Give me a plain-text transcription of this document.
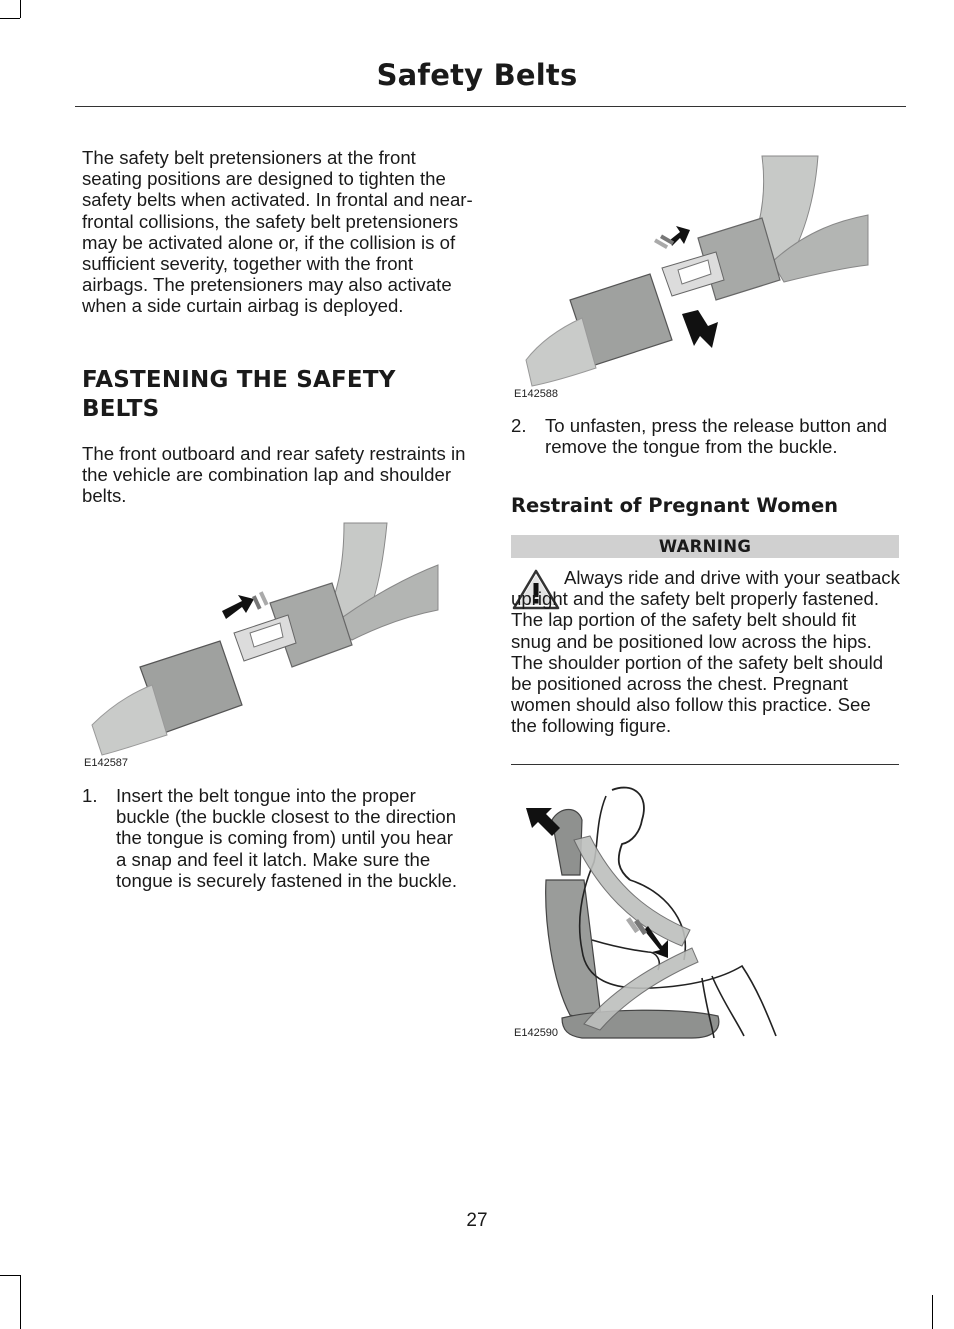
Safety Belts

The safety belt pretensioners at the front seating positions are designed to tighten the safety belts when activated. In frontal and near-frontal collisions, the safety belt pretensioners may be activated alone or, if the collision is of sufficient severity, together with the front airbags. The pretensioners may also activate when a side curtain airbag is deployed.

FASTENING THE SAFETY
BELTS

The front outboard and rear safety restraints in the vehicle are combination lap and shoulder belts.

E142587
1. Insert the belt tongue into the proper buckle (the buckle closest to the direction the tongue is coming from) until you hear a snap and feel it latch. Make sure the tongue is securely fastened in the buckle.
E142588
2. To unfasten, press the release button and remove the tongue from the buckle.
Restraint of Pregnant Women
WARNING

Always ride and drive with your seatback upright and the safety belt properly fastened. The lap portion of the safety belt should fit snug and be positioned low across the hips. The shoulder portion of the safety belt should be positioned across the chest. Pregnant women should also follow this practice. See the following figure.

E142590
27
